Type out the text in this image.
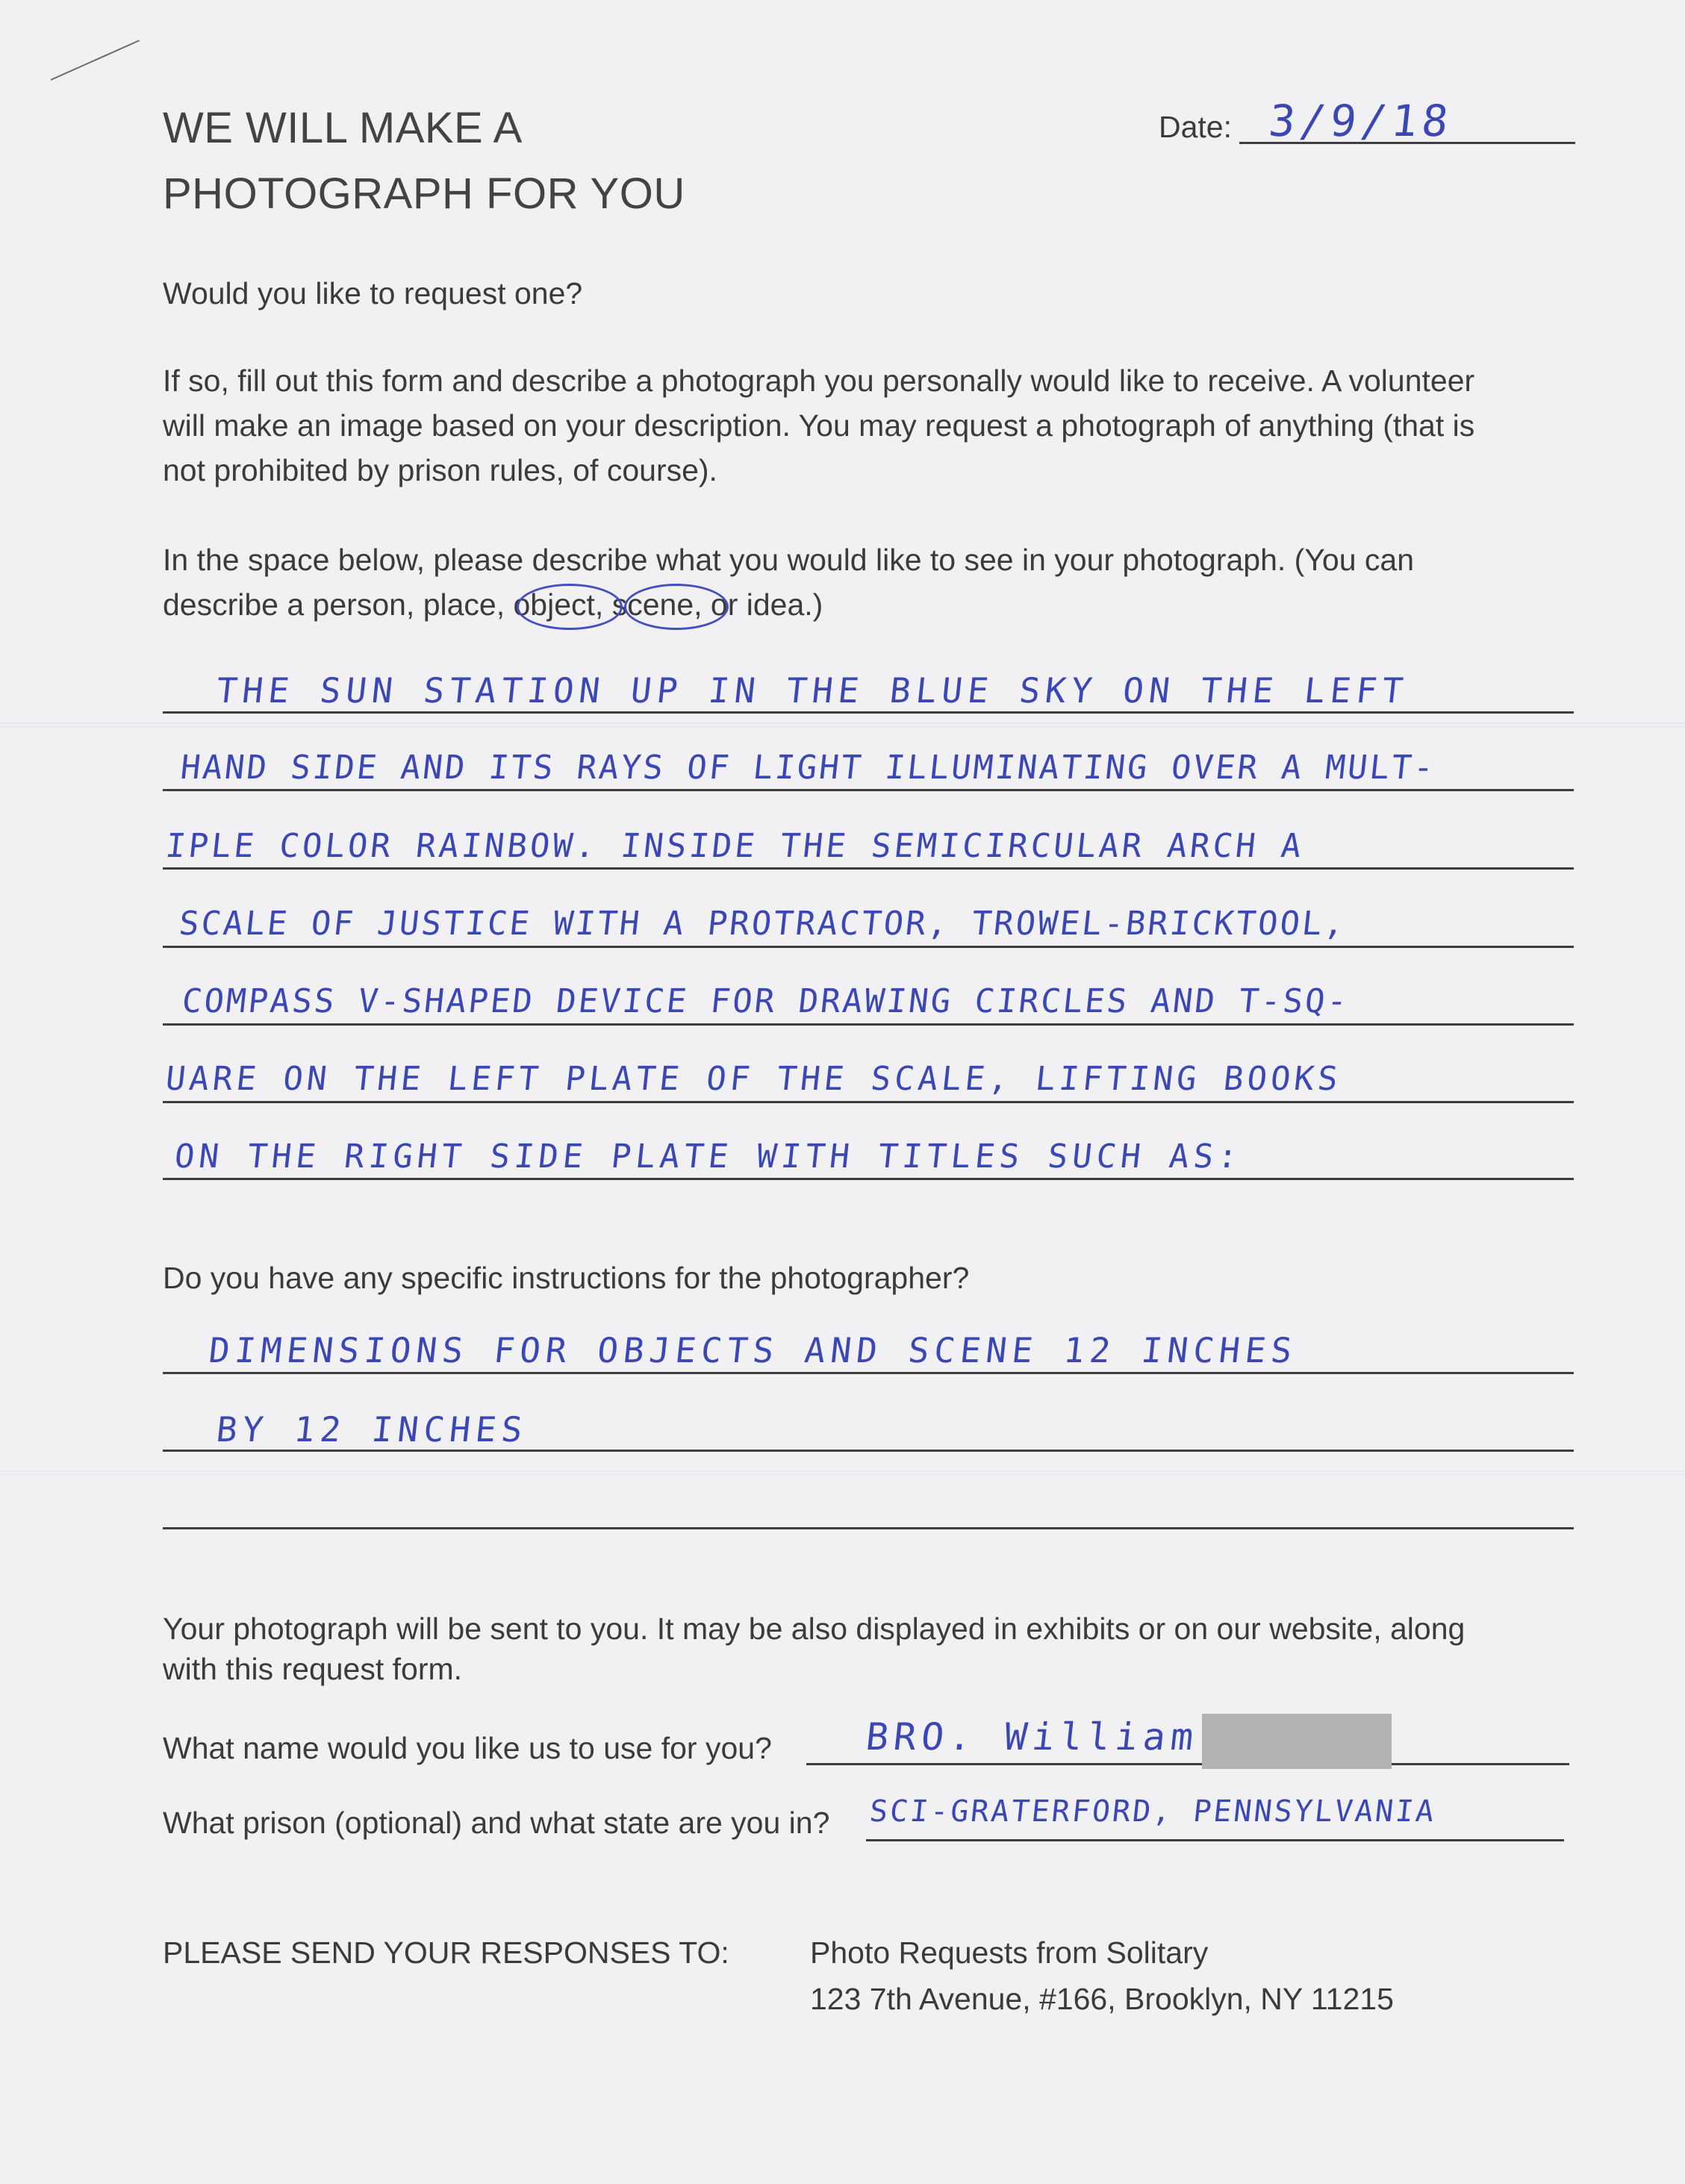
WE WILL MAKE A
PHOTOGRAPH FOR YOU
Date: 3/9/18
Would you like to request one?
If so, fill out this form and describe a photograph you personally would like to receive. A volunteer
will make an image based on your description. You may request a photograph of anything (that is
not prohibited by prison rules, of course).
In the space below, please describe what you would like to see in your photograph. (You can
describe a person, place, object, scene, or idea.)
THE SUN STATION UP IN THE BLUE SKY ON THE LEFT
HAND SIDE AND ITS RAYS OF LIGHT ILLUMINATING OVER A MULT-
IPLE COLOR RAINBOW. INSIDE THE SEMICIRCULAR ARCH A
SCALE OF JUSTICE WITH A PROTRACTOR, TROWEL-BRICKTOOL,
COMPASS V-SHAPED DEVICE FOR DRAWING CIRCLES AND T-SQ-
UARE ON THE LEFT PLATE OF THE SCALE, LIFTING BOOKS
ON THE RIGHT SIDE PLATE WITH TITLES SUCH AS:
Do you have any specific instructions for the photographer?
DIMENSIONS FOR OBJECTS AND SCENE 12 INCHES
BY 12 INCHES
Your photograph will be sent to you. It may be also displayed in exhibits or on our website, along
with this request form.
What name would you like us to use for you? BRO. William
What prison (optional) and what state are you in? SCI-GRATERFORD, PENNSYLVANIA
PLEASE SEND YOUR RESPONSES TO:	Photo Requests from Solitary
123 7th Avenue, #166, Brooklyn, NY 11215
